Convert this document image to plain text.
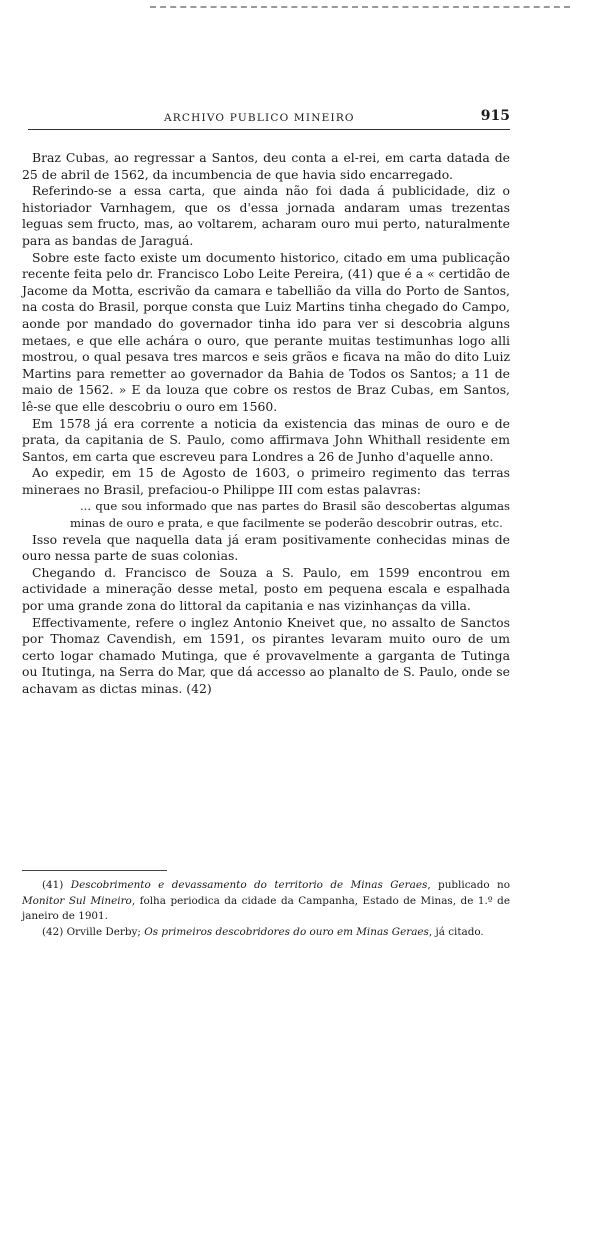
ARCHIVO PUBLICO MINEIRO	915

Braz Cubas, ao regressar a Santos, deu conta a el-rei, em carta datada de 25 de abril de 1562, da incumbencia de que havia sido encarregado.

Referindo-se a essa carta, que ainda não foi dada á publicidade, diz o historiador Varnhagem, que os d'essa jornada andaram umas trezentas leguas sem fructo, mas, ao voltarem, acharam ouro mui perto, naturalmente para as bandas de Jaraguá.

Sobre este facto existe um documento historico, citado em uma publicação recente feita pelo dr. Francisco Lobo Leite Pereira, (41) que é a « certidão de Jacome da Motta, escrivão da camara e tabellião da villa do Porto de Santos, na costa do Brasil, porque consta que Luiz Martins tinha chegado do Campo, aonde por mandado do governador tinha ido para ver si descobria alguns metaes, e que elle achára o ouro, que perante muitas testimunhas logo alli mostrou, o qual pesava tres marcos e seis grãos e ficava na mão do dito Luiz Martins para remetter ao governador da Bahia de Todos os Santos; a 11 de maio de 1562. » E da louza que cobre os restos de Braz Cubas, em Santos, lê-se que elle descobriu o ouro em 1560.

Em 1578 já era corrente a noticia da existencia das minas de ouro e de prata, da capitania de S. Paulo, como affirmava John Whithall residente em Santos, em carta que escreveu para Londres a 26 de Junho d'aquelle anno.

Ao expedir, em 15 de Agosto de 1603, o primeiro regimento das terras mineraes no Brasil, prefaciou-o Philippe III com estas palavras:

... que sou informado que nas partes do Brasil são descobertas algumas minas de ouro e prata, e que facilmente se poderão descobrir outras, etc.

Isso revela que naquella data já eram positivamente conhecidas minas de ouro nessa parte de suas colonias.

Chegando d. Francisco de Souza a S. Paulo, em 1599 encontrou em actividade a mineração desse metal, posto em pequena escala e espalhada por uma grande zona do littoral da capitania e nas vizinhanças da villa.

Effectivamente, refere o inglez Antonio Kneivet que, no assalto de Sanctos por Thomaz Cavendish, em 1591, os pirantes levaram muito ouro de um certo logar chamado Mutinga, que é provavelmente a garganta de Tutinga ou Itutinga, na Serra do Mar, que dá accesso ao planalto de S. Paulo, onde se achavam as dictas minas. (42)

(41) Descobrimento e devassamento do territorio de Minas Geraes, publicado no Monitor Sul Mineiro, folha periodica da cidade da Campanha, Estado de Minas, de 1.º de janeiro de 1901.

(42) Orville Derby; Os primeiros descobridores do ouro em Minas Geraes, já citado.
